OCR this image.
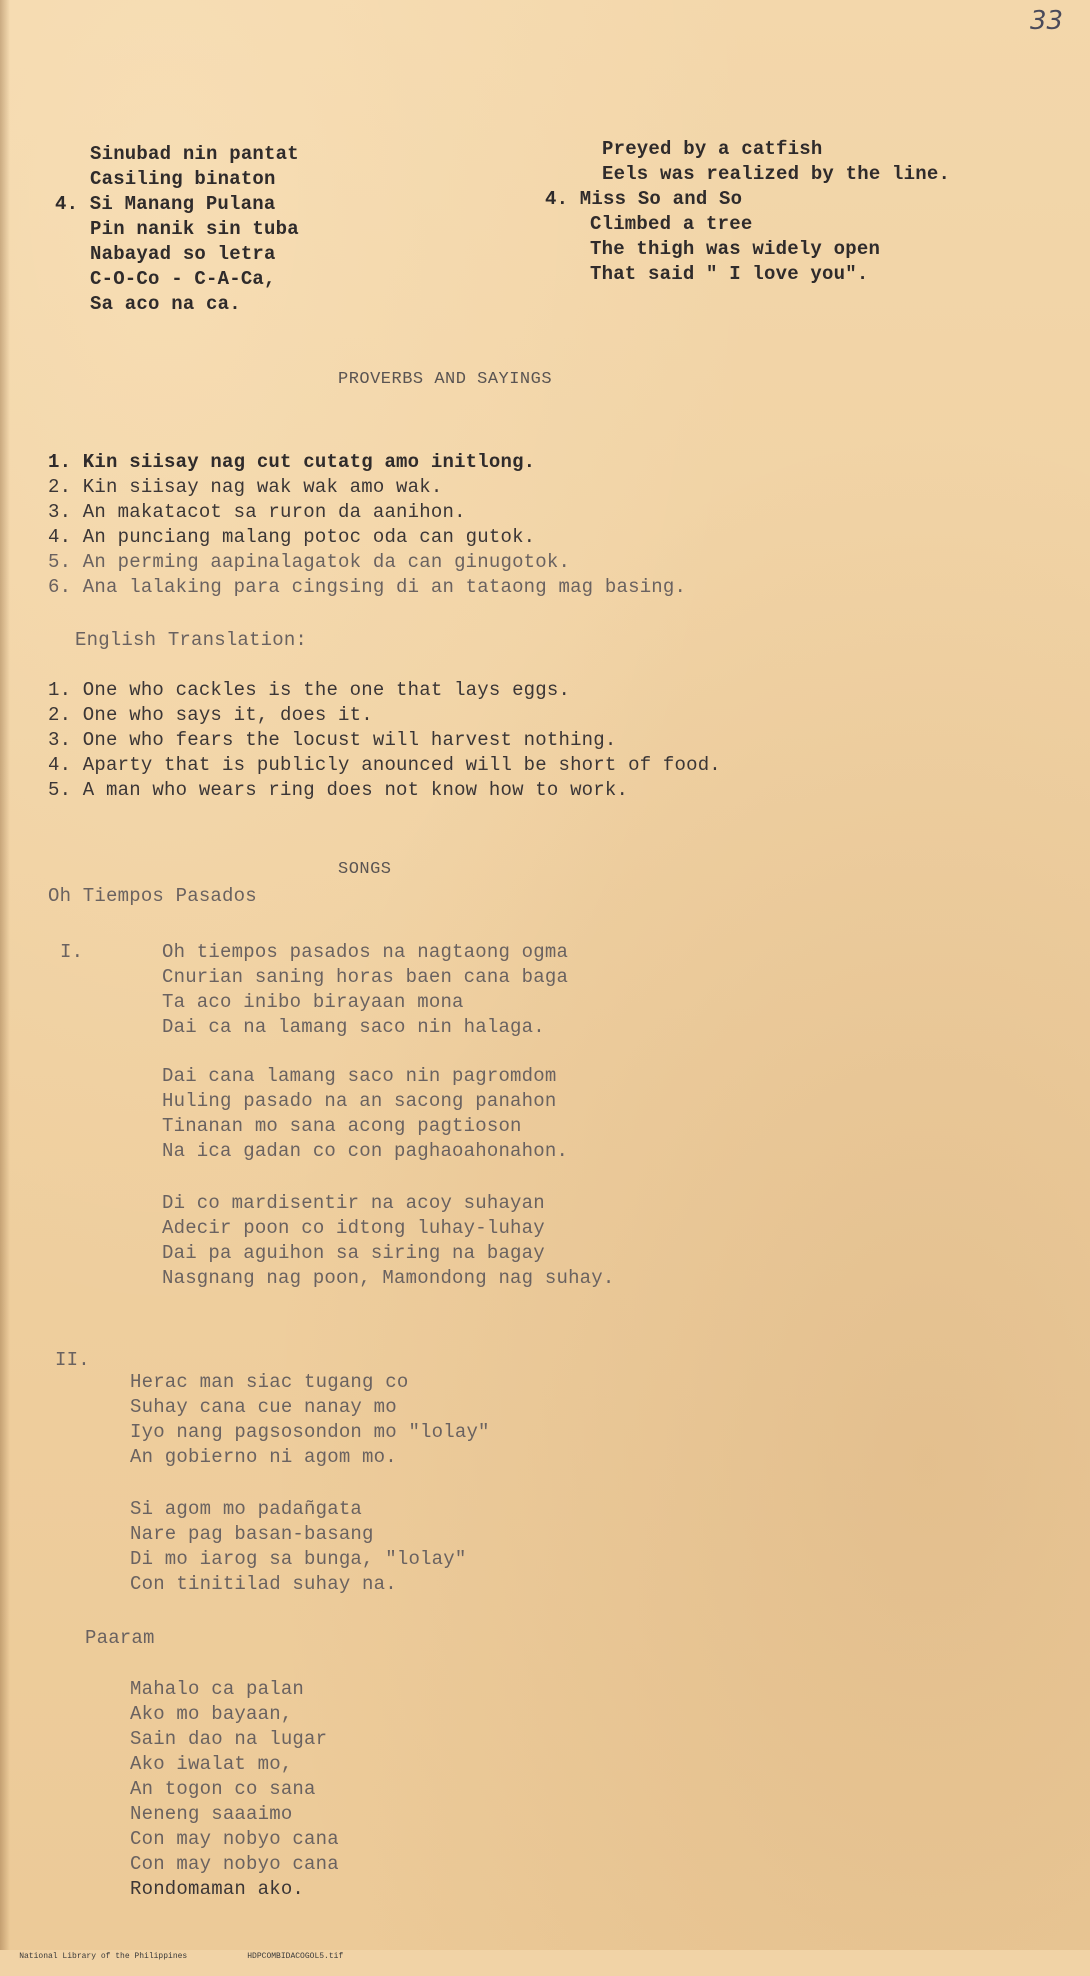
33
Sinubad nin pantat
Casiling binaton
4. Si Manang Pulana
Pin nanik sin tuba
Nabayad so letra
C-O-Co - C-A-Ca,
Sa aco na ca.
Preyed by a catfish
Eels was realized by the line.
4. Miss So and So
Climbed a tree
The thigh was widely open
That said " I love you".
PROVERBS AND SAYINGS
1. Kin siisay nag cut cutatg amo initlong.
2. Kin siisay nag wak wak amo wak.
3. An makatacot sa ruron da aanihon.
4. An punciang malang potoc oda can gutok.
5. An perming aapinalagatok da can ginugotok.
6. Ana lalaking para cingsing di an tataong mag basing.
English Translation:
1. One who cackles is the one that lays eggs.
2. One who says it, does it.
3. One who fears the locust will harvest nothing.
4. Aparty that is publicly anounced will be short of food.
5. A man who wears ring does not know how to work.
SONGS
Oh Tiempos Pasados
I.	Oh tiempos pasados na nagtaong ogma
Cnurian saning horas baen cana baga
Ta aco inibo birayaan mona
Dai ca na lamang saco nin halaga.
Dai cana lamang saco nin pagromdom
Huling pasado na an sacong panahon
Tinanan mo sana acong pagtioson
Na ica gadan co con paghaoahonahon.
Di co mardisentir na acoy suhayan
Adecir poon co idtong luhay-luhay
Dai pa aguihon sa siring na bagay
Nasgnang nag poon, Mamondong nag suhay.
II.
Herac man siac tugang co
Suhay cana cue nanay mo
Iyo nang pagsosondon mo "lolay"
An gobierno ni agom mo.
Si agom mo padañgata
Nare pag basan-basang
Di mo iarog sa bunga, "lolay"
Con tinitilad suhay na.
Paaram
Mahalo ca palan
Ako mo bayaan,
Sain dao na lugar
Ako iwalat mo,
An togon co sana
Neneng saaaimo
Con may nobyo cana
Con may nobyo cana
Rondomaman ako.

National Library of the Philippines	HDPCOMBIDACOGOL5.tif
